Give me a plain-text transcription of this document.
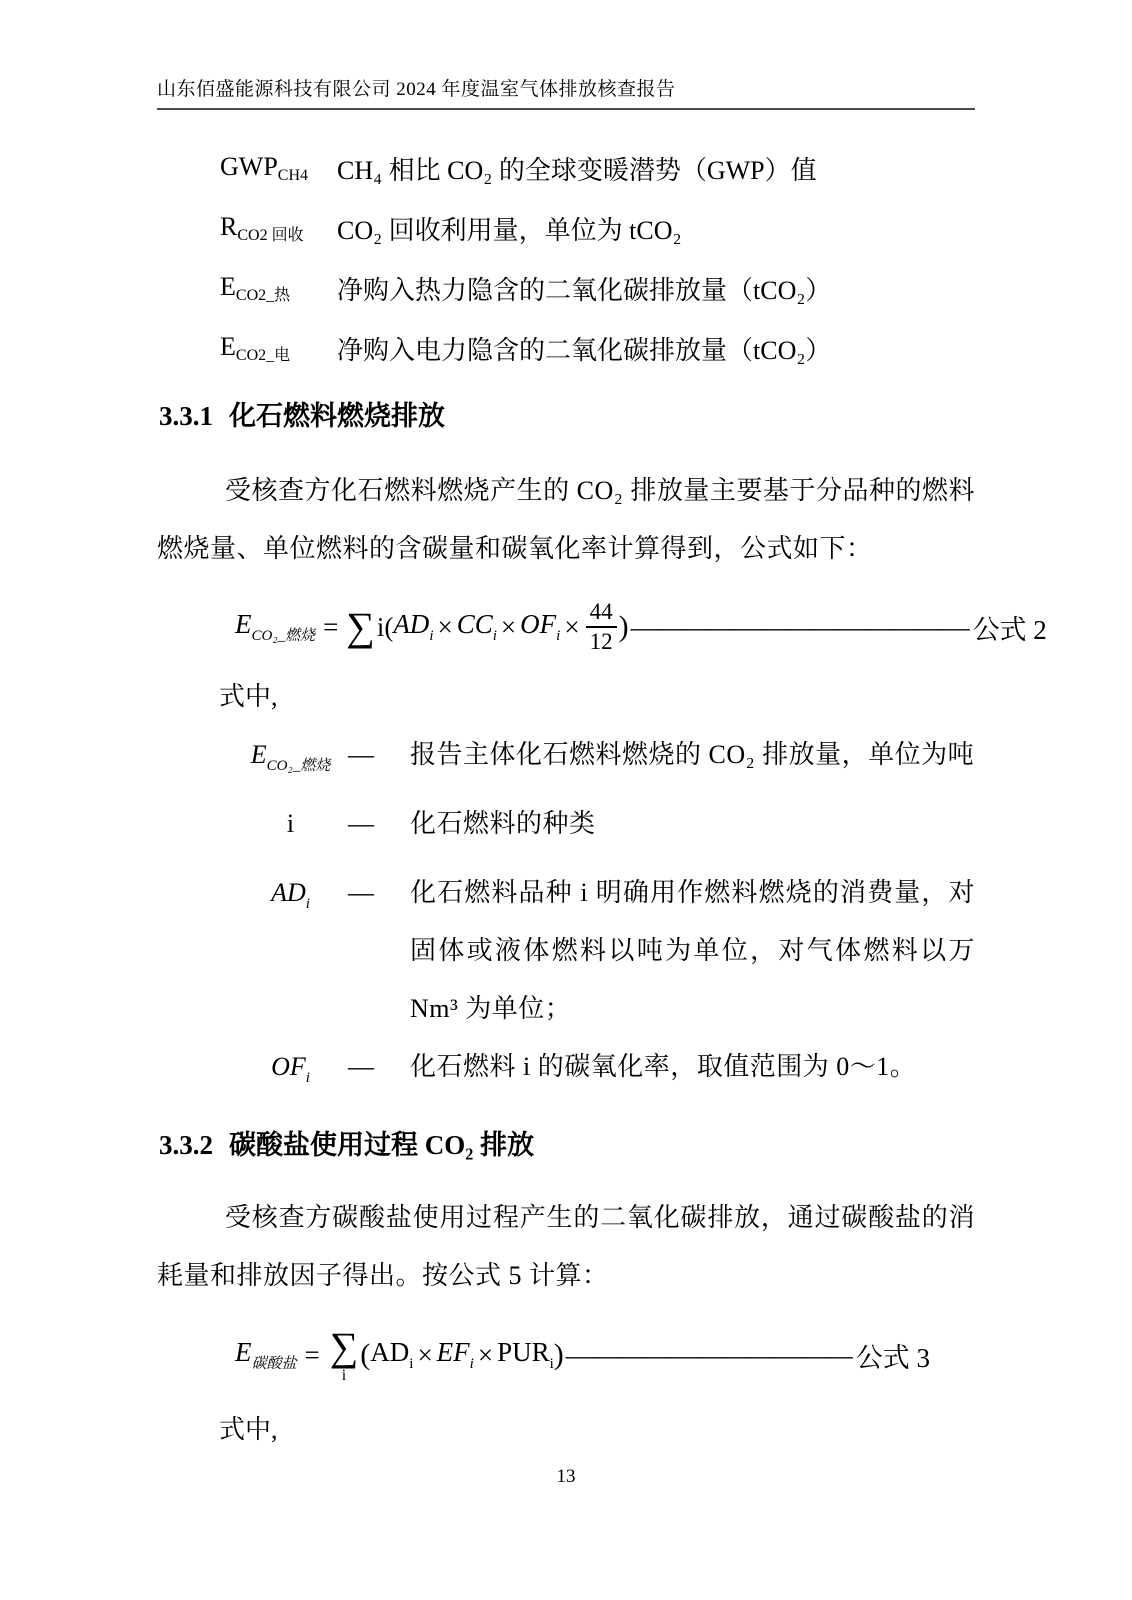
山东佰盛能源科技有限公司 2024 年度温室气体排放核查报告
GWPCH4	CH₄ 相比 CO₂ 的全球变暖潜势（GWP）值
RCO2 回收	CO₂ 回收利用量，单位为 tCO₂
ECO2_热	净购入热力隐含的二氧化碳排放量（tCO₂）
ECO2_电	净购入电力隐含的二氧化碳排放量（tCO₂）
3.3.1 化石燃料燃烧排放
受核查方化石燃料燃烧产生的 CO₂ 排放量主要基于分品种的燃料燃烧量、单位燃料的含碳量和碳氧化率计算得到，公式如下：
$E_{CO_2\_燃烧}$ = ∑ i( $AD_i \times CC_i \times OF_i \times \frac{44}{12}$ ) ————————————— 公式 2
式中,
$E_{CO_2\_燃烧}$ —	报告主体化石燃料燃烧的 CO₂ 排放量，单位为吨
i	—	化石燃料的种类
$AD_i$	—	化石燃料品种 i 明确用作燃料燃烧的消费量，对固体或液体燃料以吨为单位，对气体燃料以万 Nm³ 为单位；
$OF_i$	—	化石燃料 i 的碳氧化率，取值范围为 0～1。
3.3.2 碳酸盐使用过程 CO₂ 排放
受核查方碳酸盐使用过程产生的二氧化碳排放，通过碳酸盐的消耗量和排放因子得出。按公式 5 计算：
$E_{碳酸盐}$ = ∑
i
( $AD_i \times EF_i \times PUR_i$ ) ——————————— 公式 3
式中,
13
